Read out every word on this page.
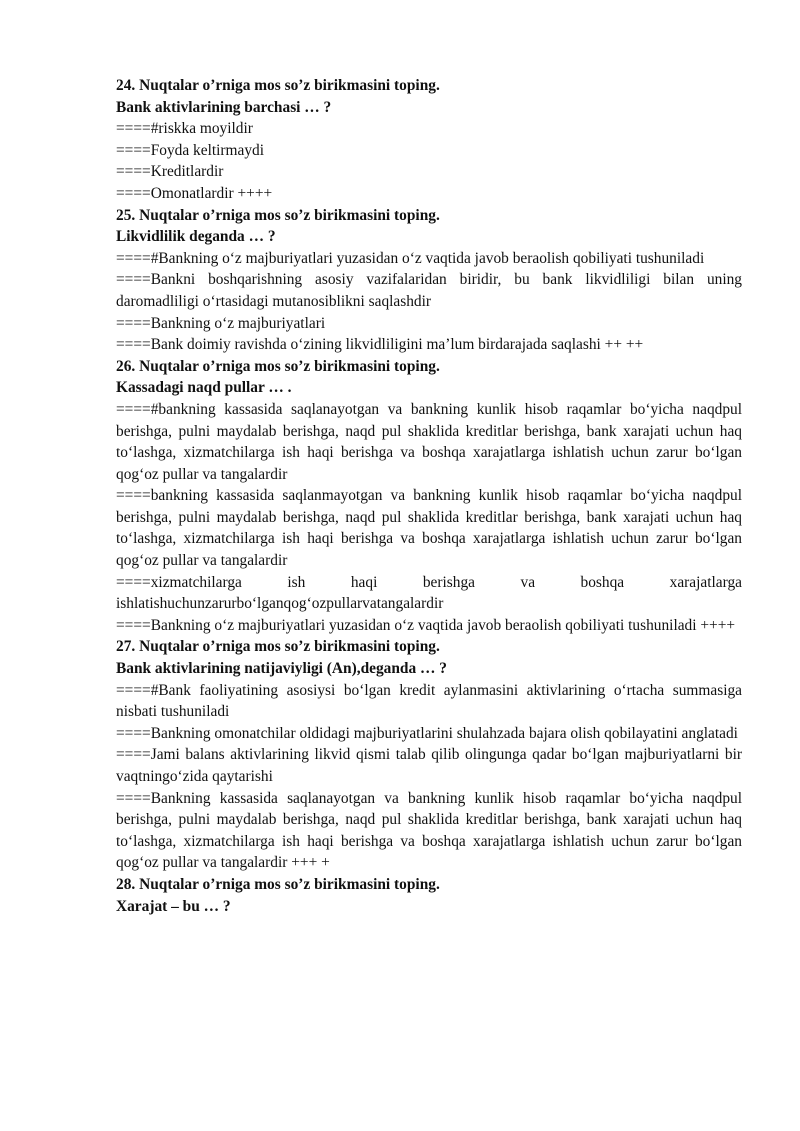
24. Nuqtalar o’rniga mos so’z birikmasini toping.

Bank aktivlarining barchasi … ?

====#riskka moyildir

====Foyda keltirmaydi

====Kreditlardir

====Omonatlardir ++++

25. Nuqtalar o’rniga mos so’z birikmasini toping.

Likvidlilik deganda … ?

====#Bankning o‘z majburiyatlari yuzasidan o‘z vaqtida javob beraolish qobiliyati tushuniladi

====Bankni boshqarishning asosiy vazifalaridan biridir, bu bank likvidliligi bilan uning daromadliligi o‘rtasidagi mutanosiblikni saqlashdir

====Bankning o‘z majburiyatlari

====Bank doimiy ravishda o‘zining likvidliligini ma’lum birdarajada saqlashi ++ ++

26. Nuqtalar o’rniga mos so’z birikmasini toping.

Kassadagi naqd pullar … .

====#bankning kassasida saqlanayotgan va bankning kunlik hisob raqamlar bo‘yicha naqdpul berishga, pulni maydalab berishga, naqd pul shaklida kreditlar berishga, bank xarajati uchun haq to‘lashga, xizmatchilarga ish haqi berishga va boshqa xarajatlarga ishlatish uchun zarur bo‘lgan qog‘oz pullar va tangalardir

====bankning kassasida saqlanmayotgan va bankning kunlik hisob raqamlar bo‘yicha naqdpul berishga, pulni maydalab berishga, naqd pul shaklida kreditlar berishga, bank xarajati uchun haq to‘lashga, xizmatchilarga ish haqi berishga va boshqa xarajatlarga ishlatish uchun zarur bo‘lgan qog‘oz pullar va tangalardir

====xizmatchilarga ish haqi berishga va boshqa xarajatlarga ishlatishuchunzarurbo‘lganqog‘ozpullarvatangalardir

====Bankning o‘z majburiyatlari yuzasidan o‘z vaqtida javob beraolish qobiliyati tushuniladi ++++

27. Nuqtalar o’rniga mos so’z birikmasini toping.

Bank aktivlarining natijaviyligi (An),deganda … ?

====#Bank faoliyatining asosiysi bo‘lgan kredit aylanmasini aktivlarining o‘rtacha summasiga nisbati tushuniladi

====Bankning omonatchilar oldidagi majburiyatlarini shulahzada bajara olish qobilayatini anglatadi

====Jami balans aktivlarining likvid qismi talab qilib olingunga qadar bo‘lgan majburiyatlarni bir vaqtningo‘zida qaytarishi

====Bankning kassasida saqlanayotgan va bankning kunlik hisob raqamlar bo‘yicha naqdpul berishga, pulni maydalab berishga, naqd pul shaklida kreditlar berishga, bank xarajati uchun haq to‘lashga, xizmatchilarga ish haqi berishga va boshqa xarajatlarga ishlatish uchun zarur bo‘lgan qog‘oz pullar va tangalardir +++ +

28. Nuqtalar o’rniga mos so’z birikmasini toping.

Xarajat – bu … ?
